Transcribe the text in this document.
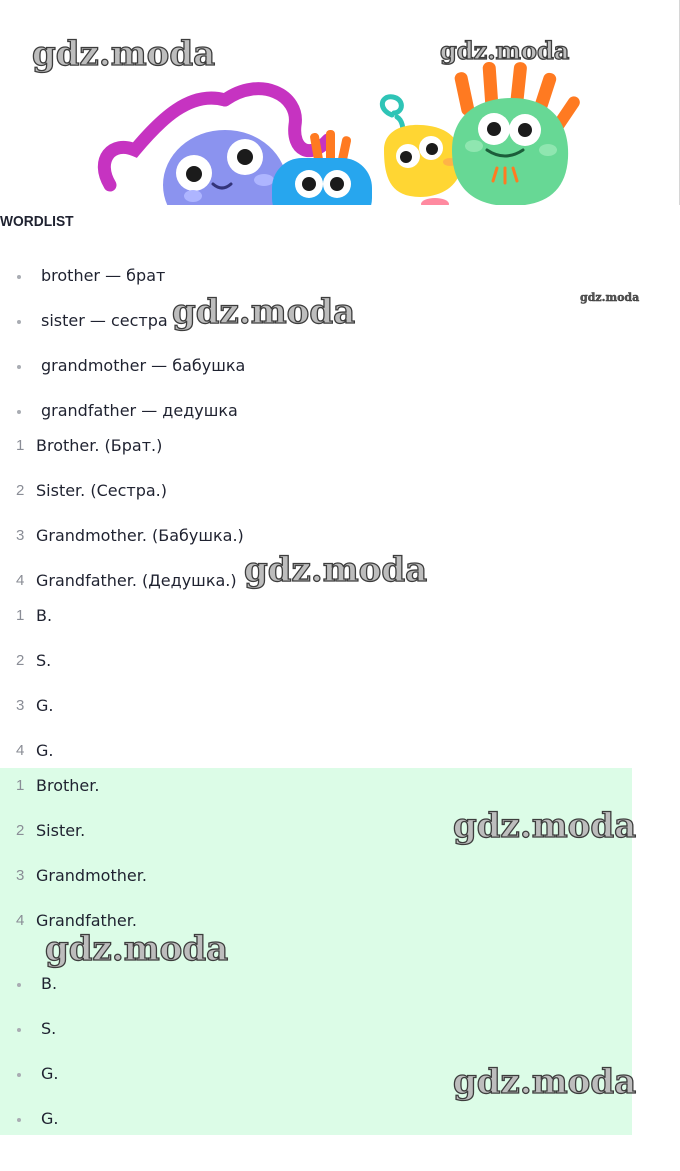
gdz.moda	gdz.moda
WORDLIST
brother — брат
sister — сестра
grandmother — бабушка
grandfather — дедушка
1 Brother. (Брат.)
2 Sister. (Сестра.)
3 Grandmother. (Бабушка.)
4 Grandfather. (Дедушка.)
1 B.
2 S.
3 G.
4 G.
1 Brother.
2 Sister.
3 Grandmother.
4 Grandfather.
B.
S.
G.
G.
gdz.moda
gdz.moda
gdz.moda
gdz.moda
gdz.moda
gdz.moda
